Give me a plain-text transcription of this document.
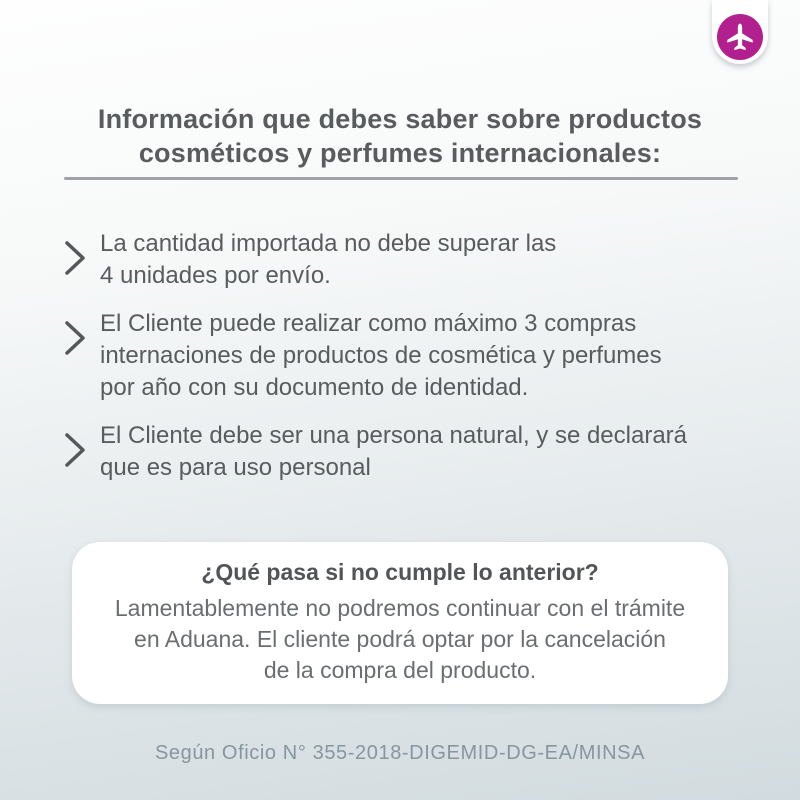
Información que debes saber sobre productos
cosméticos y perfumes internacionales:
La cantidad importada no debe superar las
4 unidades por envío.
El Cliente puede realizar como máximo 3 compras
internaciones de productos de cosmética y perfumes
por año con su documento de identidad.
El Cliente debe ser una persona natural, y se declarará
que es para uso personal
¿Qué pasa si no cumple lo anterior?
Lamentablemente no podremos continuar con el trámite
en Aduana. El cliente podrá optar por la cancelación
de la compra del producto.
Según Oficio N° 355-2018-DIGEMID-DG-EA/MINSA
